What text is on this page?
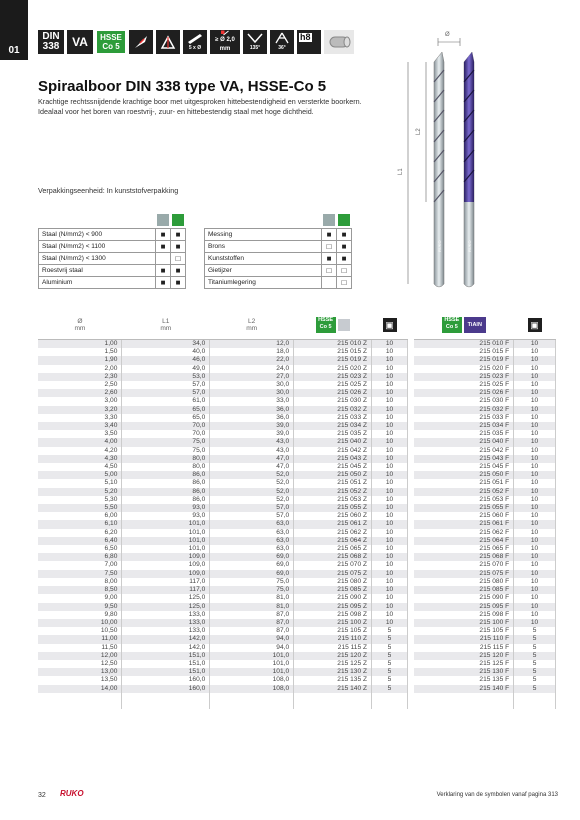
01
DIN
338	VA	HSSE
Co 5	5 x Ø
≥ Ø 2,0 mm	135°	36°
h8
Spiraalboor DIN 338 type VA, HSSE-Co 5
Krachtige rechtssnijdende krachtige boor met uitgesproken hittebestendigheid en versterkte boorkern. Idealaal voor het boren van roestvrij-, zuur- en hittebestendig staal met hoge dichtheid.
Verpakkingseenheid: In kunststofverpakking
Ø
L2
L1
RUKO	RUKO

Staal (N/mm2) < 900	■	■
Staal (N/mm2) < 1100	■	■
Staal (N/mm2) < 1300		□
Roestvrij staal	■	■
Aluminium	■	■

Messing	■	■
Brons	□	■
Kunststoffen	■	■
Gietijzer	□	□
Titaniumlegering		□
Ø
mm	L1
mm	L2
mm	HSSE
Co 5	▣
1,00	34,0	12,0	215 010 Z	10
1,50	40,0	18,0	215 015 Z	10
1,90	46,0	22,0	215 019 Z	10
2,00	49,0	24,0	215 020 Z	10
2,30	53,0	27,0	215 023 Z	10
2,50	57,0	30,0	215 025 Z	10
2,60	57,0	30,0	215 026 Z	10
3,00	61,0	33,0	215 030 Z	10
3,20	65,0	36,0	215 032 Z	10
3,30	65,0	36,0	215 033 Z	10
3,40	70,0	39,0	215 034 Z	10
3,50	70,0	39,0	215 035 Z	10
4,00	75,0	43,0	215 040 Z	10
4,20	75,0	43,0	215 042 Z	10
4,30	80,0	47,0	215 043 Z	10
4,50	80,0	47,0	215 045 Z	10
5,00	86,0	52,0	215 050 Z	10
5,10	86,0	52,0	215 051 Z	10
5,20	86,0	52,0	215 052 Z	10
5,30	86,0	52,0	215 053 Z	10
5,50	93,0	57,0	215 055 Z	10
6,00	93,0	57,0	215 060 Z	10
6,10	101,0	63,0	215 061 Z	10
6,20	101,0	63,0	215 062 Z	10
6,40	101,0	63,0	215 064 Z	10
6,50	101,0	63,0	215 065 Z	10
6,80	109,0	69,0	215 068 Z	10
7,00	109,0	69,0	215 070 Z	10
7,50	109,0	69,0	215 075 Z	10
8,00	117,0	75,0	215 080 Z	10
8,50	117,0	75,0	215 085 Z	10
9,00	125,0	81,0	215 090 Z	10
9,50	125,0	81,0	215 095 Z	10
9,80	133,0	87,0	215 098 Z	10
10,00	133,0	87,0	215 100 Z	10
10,50	133,0	87,0	215 105 Z	5
11,00	142,0	94,0	215 110 Z	5
11,50	142,0	94,0	215 115 Z	5
12,00	151,0	101,0	215 120 Z	5
12,50	151,0	101,0	215 125 Z	5
13,00	151,0	101,0	215 130 Z	5
13,50	160,0	108,0	215 135 Z	5
14,00	160,0	108,0	215 140 Z	5

HSSE
Co 5 TiAlN	▣
215 010 F	10
215 015 F	10
215 019 F	10
215 020 F	10
215 023 F	10
215 025 F	10
215 026 F	10
215 030 F	10
215 032 F	10
215 033 F	10
215 034 F	10
215 035 F	10
215 040 F	10
215 042 F	10
215 043 F	10
215 045 F	10
215 050 F	10
215 051 F	10
215 052 F	10
215 053 F	10
215 055 F	10
215 060 F	10
215 061 F	10
215 062 F	10
215 064 F	10
215 065 F	10
215 068 F	10
215 070 F	10
215 075 F	10
215 080 F	10
215 085 F	10
215 090 F	10
215 095 F	10
215 098 F	10
215 100 F	10
215 105 F	5
215 110 F	5
215 115 F	5
215 120 F	5
215 125 F	5
215 130 F	5
215 135 F	5
215 140 F	5

32 RUKO	Verklaring van de symbolen vanaf pagina 313
